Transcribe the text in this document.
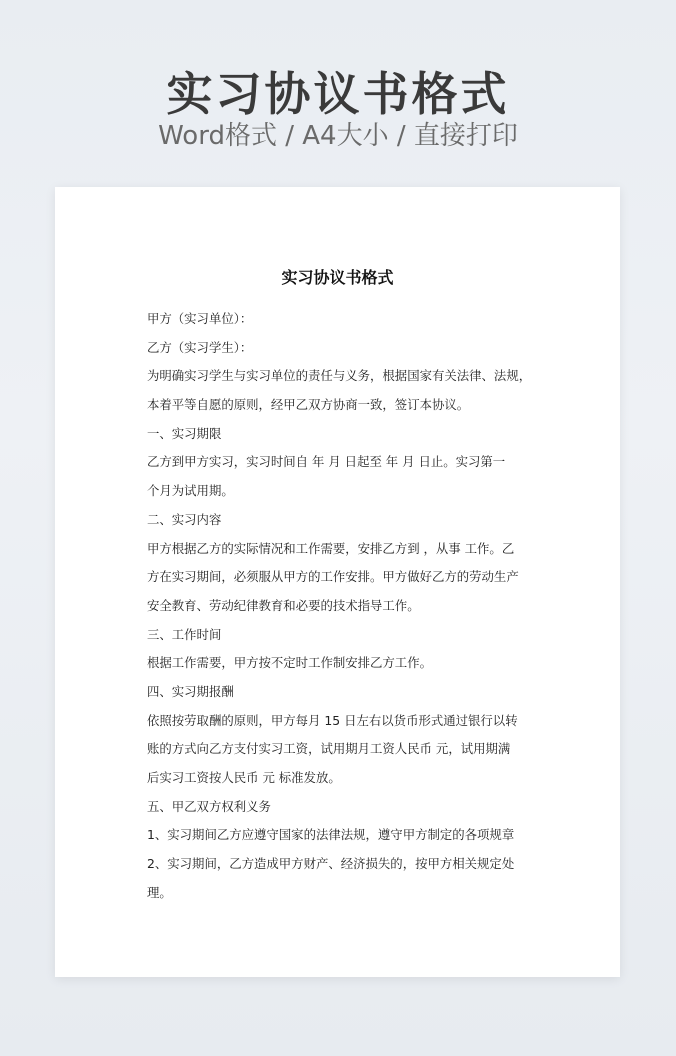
实习协议书格式
Word格式 / A4大小 / 直接打印
实习协议书格式
甲方（实习单位）：
乙方（实习学生）：
为明确实习学生与实习单位的责任与义务，根据国家有关法律、法规，
本着平等自愿的原则，经甲乙双方协商一致，签订本协议。
一、实习期限
乙方到甲方实习，实习时间自 年 月 日起至 年 月 日止。实习第一
个月为试用期。
二、实习内容
甲方根据乙方的实际情况和工作需要，安排乙方到 ，从事 工作。乙
方在实习期间，必须服从甲方的工作安排。甲方做好乙方的劳动生产
安全教育、劳动纪律教育和必要的技术指导工作。
三、工作时间
根据工作需要，甲方按不定时工作制安排乙方工作。
四、实习期报酬
依照按劳取酬的原则，甲方每月 15 日左右以货币形式通过银行以转
账的方式向乙方支付实习工资，试用期月工资人民币 元，试用期满
后实习工资按人民币 元 标准发放。
五、甲乙双方权利义务
1、实习期间乙方应遵守国家的法律法规，遵守甲方制定的各项规章
2、实习期间，乙方造成甲方财产、经济损失的，按甲方相关规定处
理。
